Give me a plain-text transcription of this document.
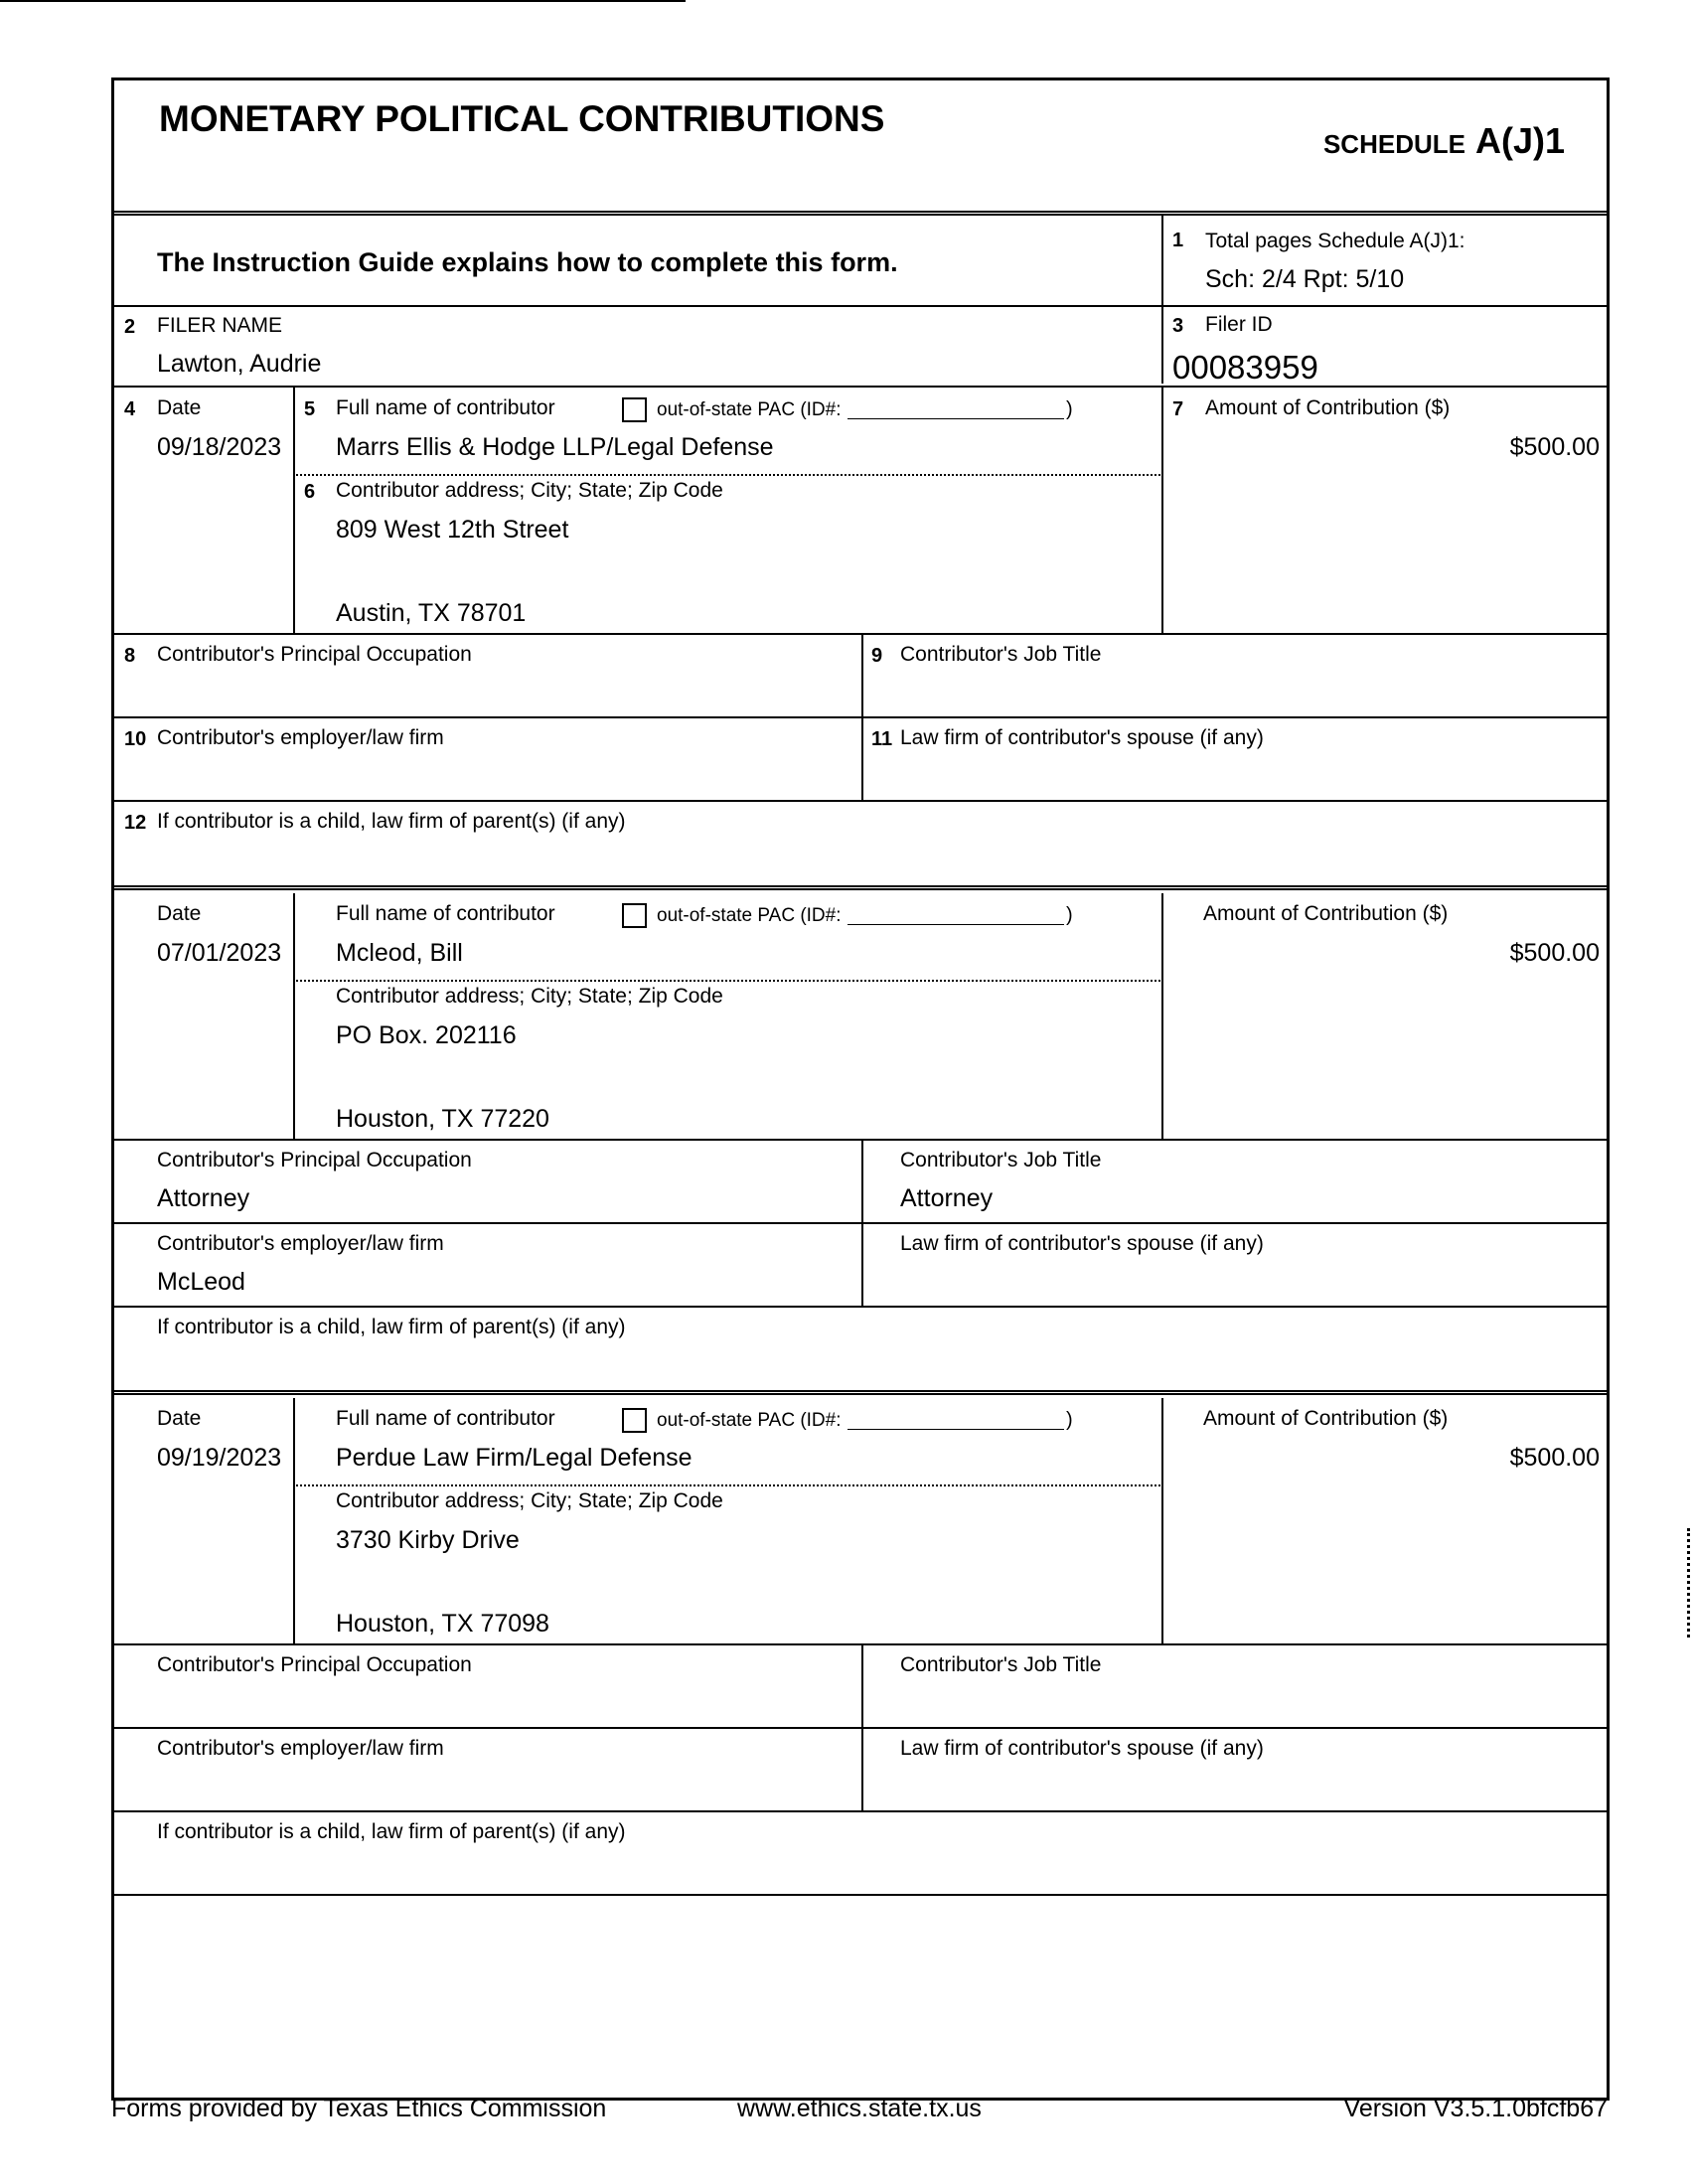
MONETARY POLITICAL CONTRIBUTIONS
SCHEDULE A(J)1
The Instruction Guide explains how to complete this form.
1 Total pages Schedule A(J)1:
Sch: 2/4 Rpt: 5/10
2 FILER NAME
Lawton, Audrie
3 Filer ID
00083959
4 Date
09/18/2023
5 Full name of contributor	out-of-state PAC (ID#:	)
Marrs Ellis & Hodge LLP/Legal Defense
6 Contributor address; City; State; Zip Code
809 West 12th Street
Austin, TX 78701
7 Amount of Contribution ($)
$500.00
8 Contributor's Principal Occupation	9 Contributor's Job Title
10 Contributor's employer/law firm	11 Law firm of contributor's spouse (if any)
12 If contributor is a child, law firm of parent(s) (if any)
Date
07/01/2023
Full name of contributor	out-of-state PAC (ID#:	)
Mcleod, Bill
Contributor address; City; State; Zip Code
PO Box. 202116
Houston, TX 77220
Amount of Contribution ($)
$500.00
Contributor's Principal Occupation
Attorney
Contributor's Job Title
Attorney
Contributor's employer/law firm
McLeod
Law firm of contributor's spouse (if any)
If contributor is a child, law firm of parent(s) (if any)
Date
09/19/2023
Full name of contributor	out-of-state PAC (ID#:	)
Perdue Law Firm/Legal Defense
Contributor address; City; State; Zip Code
3730 Kirby Drive
Houston, TX 77098
Amount of Contribution ($)
$500.00
Contributor's Principal Occupation	Contributor's Job Title
Contributor's employer/law firm	Law firm of contributor's spouse (if any)
If contributor is a child, law firm of parent(s) (if any)
Forms provided by Texas Ethics Commission	www.ethics.state.tx.us	Version V3.5.1.0bfcfb67
